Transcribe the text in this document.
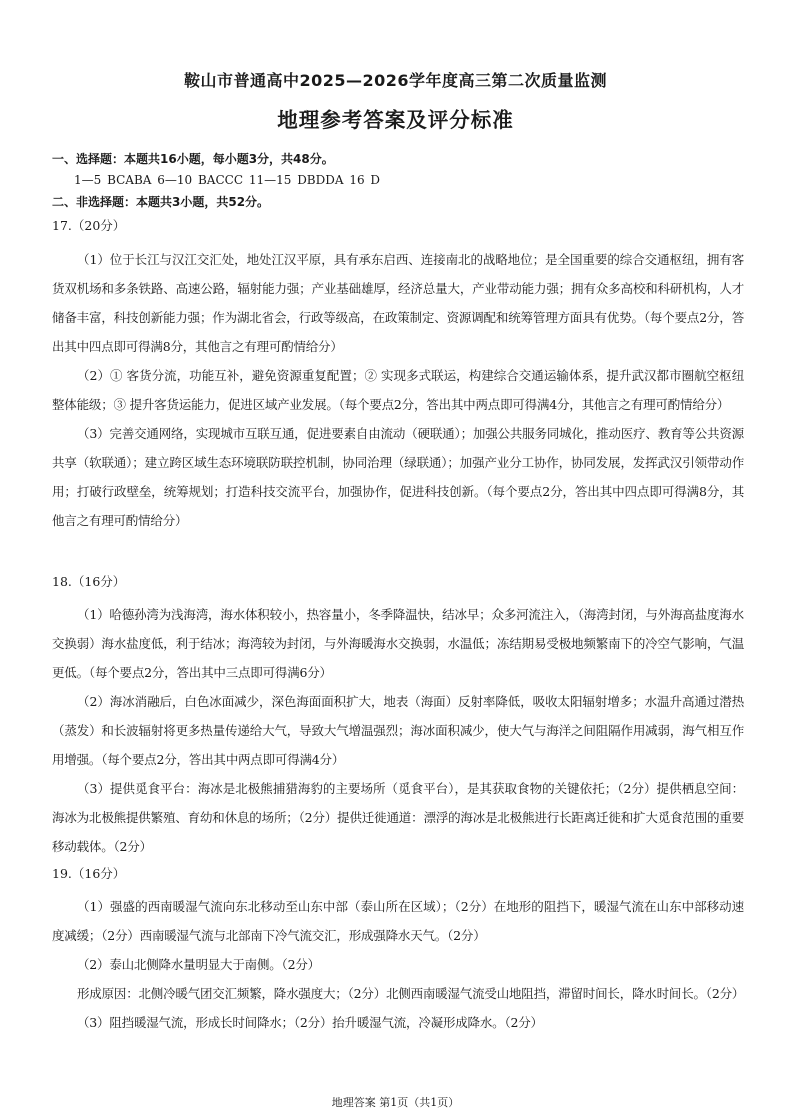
鞍山市普通高中2025—2026学年度高三第二次质量监测
地理参考答案及评分标准
一、选择题：本题共16小题，每小题3分，共48分。
1—5 BCABA 6—10 BACCC 11—15 DBDDA 16 D
二、非选择题：本题共3小题，共52分。
17.（20分）

（1）位于长江与汉江交汇处，地处江汉平原，具有承东启西、连接南北的战略地位；是全国重要的综合交通枢纽，拥有客货双机场和多条铁路、高速公路，辐射能力强；产业基础雄厚，经济总量大，产业带动能力强；拥有众多高校和科研机构，人才储备丰富，科技创新能力强；作为湖北省会，行政等级高，在政策制定、资源调配和统筹管理方面具有优势。（每个要点2分，答出其中四点即可得满8分，其他言之有理可酌情给分）

（2）① 客货分流，功能互补，避免资源重复配置；② 实现多式联运，构建综合交通运输体系，提升武汉都市圈航空枢纽整体能级；③ 提升客货运能力，促进区域产业发展。（每个要点2分，答出其中两点即可得满4分，其他言之有理可酌情给分）

（3）完善交通网络，实现城市互联互通，促进要素自由流动（硬联通）；加强公共服务同城化，推动医疗、教育等公共资源共享（软联通）；建立跨区域生态环境联防联控机制，协同治理（绿联通）；加强产业分工协作，协同发展，发挥武汉引领带动作用；打破行政壁垒，统筹规划；打造科技交流平台，加强协作，促进科技创新。（每个要点2分，答出其中四点即可得满8分，其他言之有理可酌情给分）

18.（16分）

（1）哈德孙湾为浅海湾，海水体积较小，热容量小，冬季降温快，结冰早；众多河流注入，（海湾封闭，与外海高盐度海水交换弱）海水盐度低，利于结冰；海湾较为封闭，与外海暖海水交换弱，水温低；冻结期易受极地频繁南下的冷空气影响，气温更低。（每个要点2分，答出其中三点即可得满6分）

（2）海冰消融后，白色冰面减少，深色海面面积扩大，地表（海面）反射率降低，吸收太阳辐射增多；水温升高通过潜热（蒸发）和长波辐射将更多热量传递给大气，导致大气增温强烈；海冰面积减少，使大气与海洋之间阻隔作用减弱，海气相互作用增强。（每个要点2分，答出其中两点即可得满4分）

（3）提供觅食平台：海冰是北极熊捕猎海豹的主要场所（觅食平台），是其获取食物的关键依托；（2分）提供栖息空间：海冰为北极熊提供繁殖、育幼和休息的场所；（2分）提供迁徙通道：漂浮的海冰是北极熊进行长距离迁徙和扩大觅食范围的重要移动载体。（2分）

19.（16分）

（1）强盛的西南暖湿气流向东北移动至山东中部（泰山所在区域）；（2分）在地形的阻挡下，暖湿气流在山东中部移动速度减缓；（2分）西南暖湿气流与北部南下冷气流交汇，形成强降水天气。（2分）

（2）泰山北侧降水量明显大于南侧。（2分）

形成原因：北侧冷暖气团交汇频繁，降水强度大；（2分）北侧西南暖湿气流受山地阻挡，滞留时间长，降水时间长。（2分）

（3）阻挡暖湿气流，形成长时间降水；（2分）抬升暖湿气流，冷凝形成降水。（2分）

地理答案 第1页（共1页）
